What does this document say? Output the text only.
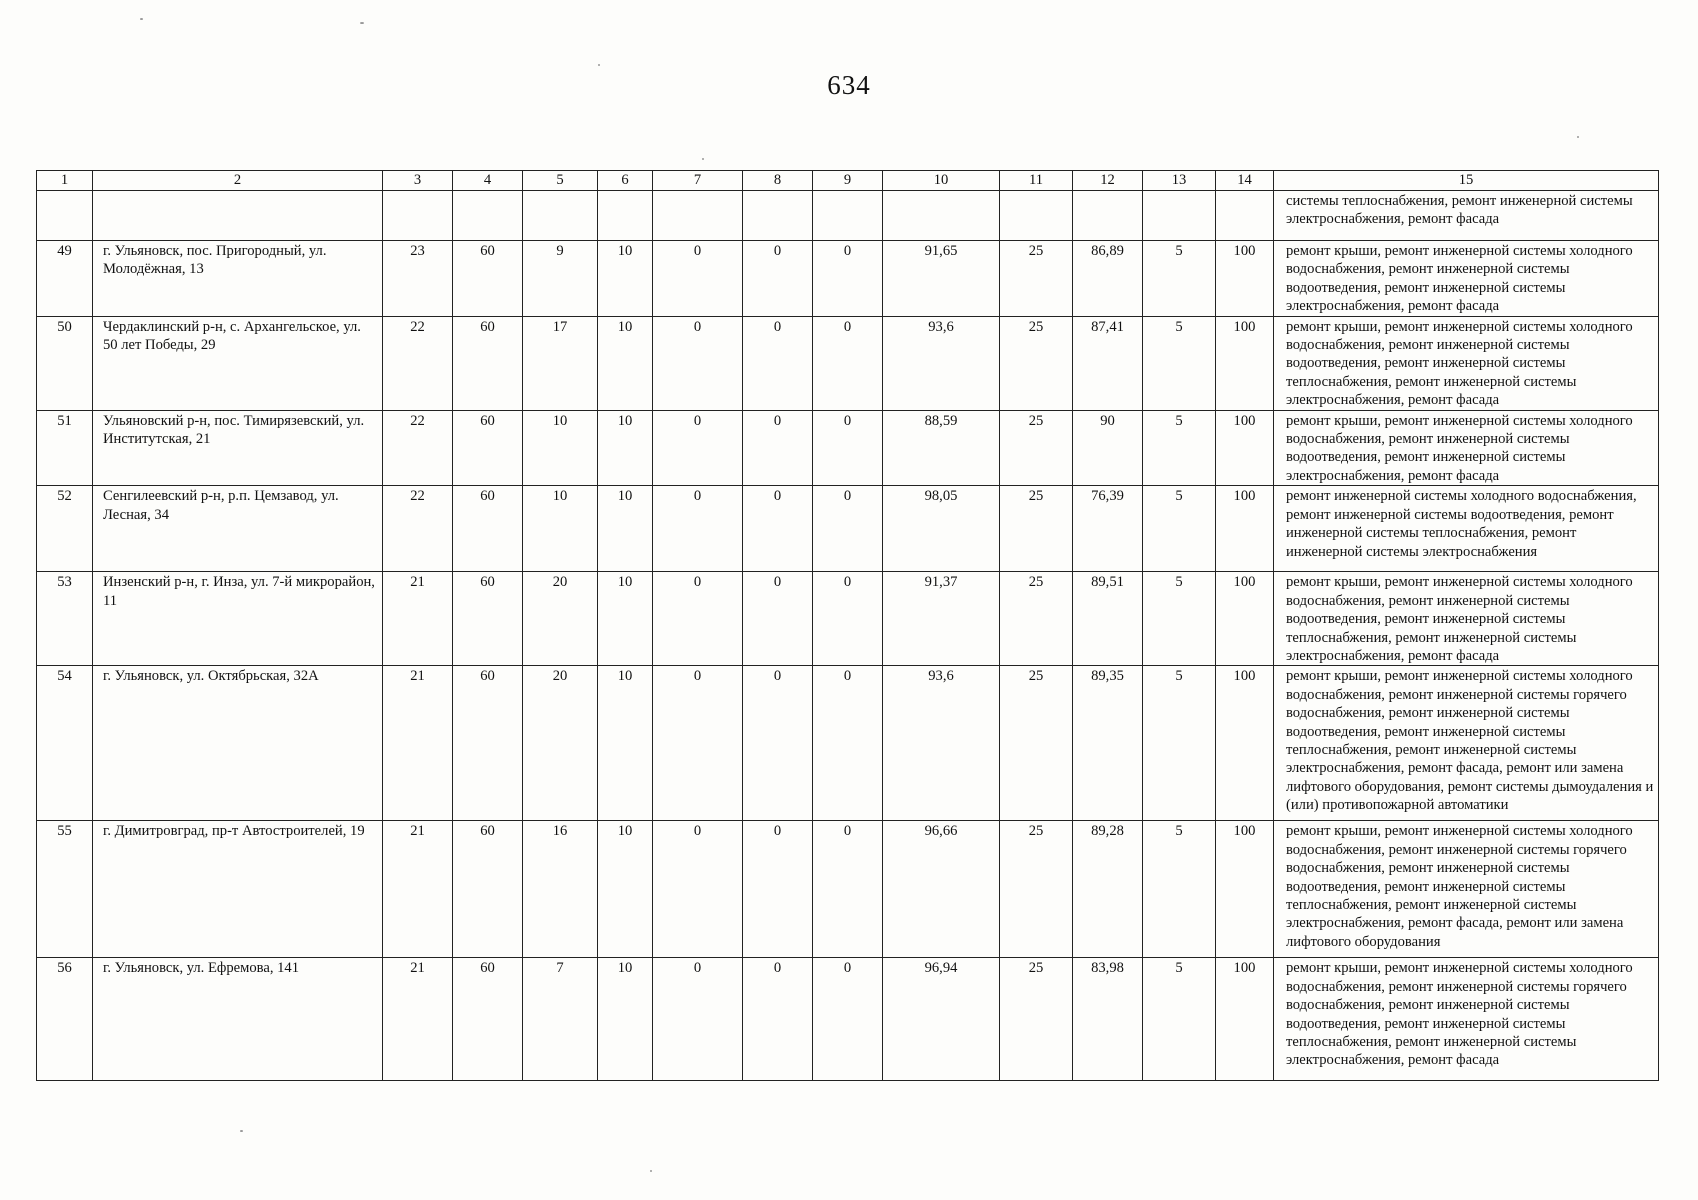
634
1	2	3	4	5	6	7	8	9	10	11	12	13	14	15
														системы теплоснабжения, ремонт инженерной системы электроснабжения, ремонт фасада
49	г. Ульяновск, пос. Пригородный, ул. Молодёжная, 13	23	60	9	10	0	0	0	91,65	25	86,89	5	100	ремонт крыши, ремонт инженерной системы холодного водоснабжения, ремонт инженерной системы водоотведения, ремонт инженерной системы электроснабжения, ремонт фасада
50	Чердаклинский р-н, с. Архангельское, ул. 50 лет Победы, 29	22	60	17	10	0	0	0	93,6	25	87,41	5	100	ремонт крыши, ремонт инженерной системы холодного водоснабжения, ремонт инженерной системы водоотведения, ремонт инженерной системы теплоснабжения, ремонт инженерной системы электроснабжения, ремонт фасада
51	Ульяновский р-н, пос. Тимирязевский, ул. Институтская, 21	22	60	10	10	0	0	0	88,59	25	90	5	100	ремонт крыши, ремонт инженерной системы холодного водоснабжения, ремонт инженерной системы водоотведения, ремонт инженерной системы электроснабжения, ремонт фасада
52	Сенгилеевский р-н, р.п. Цемзавод, ул. Лесная, 34	22	60	10	10	0	0	0	98,05	25	76,39	5	100	ремонт инженерной системы холодного водоснабжения, ремонт инженерной системы водоотведения, ремонт инженерной системы теплоснабжения, ремонт инженерной системы электроснабжения
53	Инзенский р-н, г. Инза, ул. 7-й микрорайон, 11	21	60	20	10	0	0	0	91,37	25	89,51	5	100	ремонт крыши, ремонт инженерной системы холодного водоснабжения, ремонт инженерной системы водоотведения, ремонт инженерной системы теплоснабжения, ремонт инженерной системы электроснабжения, ремонт фасада
54	г. Ульяновск, ул. Октябрьская, 32А	21	60	20	10	0	0	0	93,6	25	89,35	5	100	ремонт крыши, ремонт инженерной системы холодного водоснабжения, ремонт инженерной системы горячего водоснабжения, ремонт инженерной системы водоотведения, ремонт инженерной системы теплоснабжения, ремонт инженерной системы электроснабжения, ремонт фасада, ремонт или замена лифтового оборудования, ремонт системы дымоудаления и (или) противопожарной автоматики
55	г. Димитровград, пр-т Автостроителей, 19	21	60	16	10	0	0	0	96,66	25	89,28	5	100	ремонт крыши, ремонт инженерной системы холодного водоснабжения, ремонт инженерной системы горячего водоснабжения, ремонт инженерной системы водоотведения, ремонт инженерной системы теплоснабжения, ремонт инженерной системы электроснабжения, ремонт фасада, ремонт или замена лифтового оборудования
56	г. Ульяновск, ул. Ефремова, 141	21	60	7	10	0	0	0	96,94	25	83,98	5	100	ремонт крыши, ремонт инженерной системы холодного водоснабжения, ремонт инженерной системы горячего водоснабжения, ремонт инженерной системы водоотведения, ремонт инженерной системы теплоснабжения, ремонт инженерной системы электроснабжения, ремонт фасада
